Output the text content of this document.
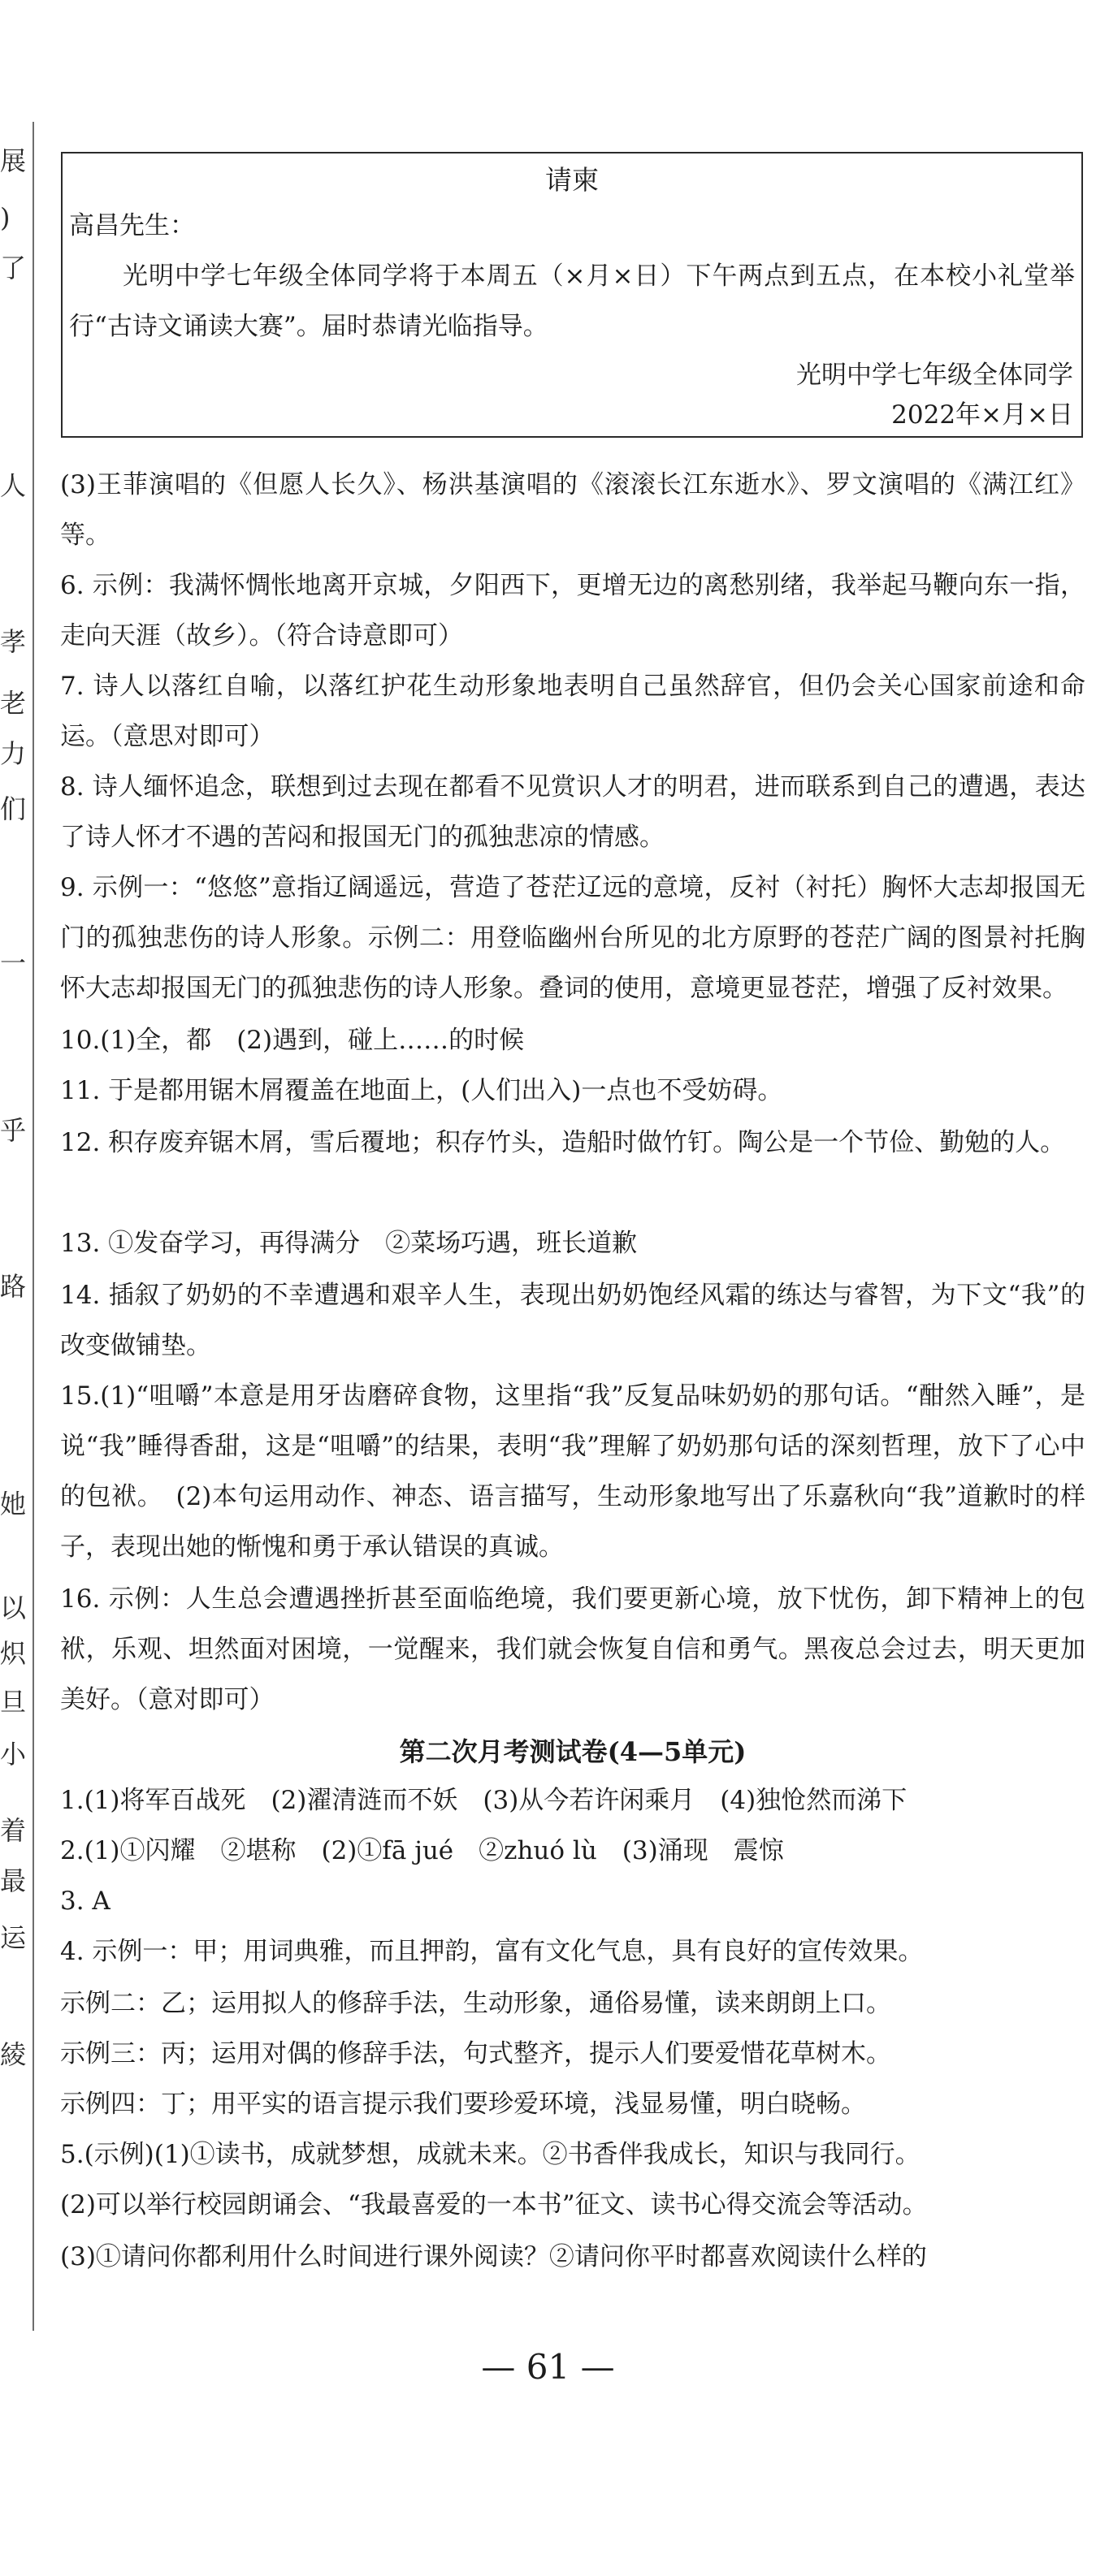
展
)
了
人
孝
老
力
们
一
乎
路
她
以
炽
旦
小
着
最
运
綾
请柬
高昌先生：
光明中学七年级全体同学将于本周五（×月×日）下午两点到五点，在本校小礼堂举行“古诗文诵读大赛”。届时恭请光临指导。
光明中学七年级全体同学
2022年×月×日
(3)王菲演唱的《但愿人长久》、杨洪基演唱的《滚滚长江东逝水》、罗文演唱的《满江红》等。
6. 示例：我满怀惆怅地离开京城，夕阳西下，更增无边的离愁别绪，我举起马鞭向东一指，走向天涯（故乡）。（符合诗意即可）
7. 诗人以落红自喻，以落红护花生动形象地表明自己虽然辞官，但仍会关心国家前途和命运。（意思对即可）
8. 诗人缅怀追念，联想到过去现在都看不见赏识人才的明君，进而联系到自己的遭遇，表达了诗人怀才不遇的苦闷和报国无门的孤独悲凉的情感。
9. 示例一：“悠悠”意指辽阔遥远，营造了苍茫辽远的意境，反衬（衬托）胸怀大志却报国无门的孤独悲伤的诗人形象。示例二：用登临幽州台所见的北方原野的苍茫广阔的图景衬托胸怀大志却报国无门的孤独悲伤的诗人形象。叠词的使用，意境更显苍茫，增强了反衬效果。
10.(1)全，都　(2)遇到，碰上……的时候
11. 于是都用锯木屑覆盖在地面上，(人们出入)一点也不受妨碍。
12. 积存废弃锯木屑，雪后覆地；积存竹头，造船时做竹钉。陶公是一个节俭、勤勉的人。
13. ①发奋学习，再得满分　②菜场巧遇，班长道歉
14. 插叙了奶奶的不幸遭遇和艰辛人生，表现出奶奶饱经风霜的练达与睿智，为下文“我”的改变做铺垫。
15.(1)“咀嚼”本意是用牙齿磨碎食物，这里指“我”反复品味奶奶的那句话。“酣然入睡”，是说“我”睡得香甜，这是“咀嚼”的结果，表明“我”理解了奶奶那句话的深刻哲理，放下了心中的包袱。　(2)本句运用动作、神态、语言描写，生动形象地写出了乐嘉秋向“我”道歉时的样子，表现出她的惭愧和勇于承认错误的真诚。
16. 示例：人生总会遭遇挫折甚至面临绝境，我们要更新心境，放下忧伤，卸下精神上的包袱，乐观、坦然面对困境，一觉醒来，我们就会恢复自信和勇气。黑夜总会过去，明天更加美好。（意对即可）
第二次月考测试卷(4—5单元)
1.(1)将军百战死　(2)濯清涟而不妖　(3)从今若许闲乘月　(4)独怆然而涕下
2.(1)①闪耀　②堪称　(2)①fā jué　②zhuó lù　(3)涌现　震惊
3. A
4. 示例一：甲；用词典雅，而且押韵，富有文化气息，具有良好的宣传效果。
示例二：乙；运用拟人的修辞手法，生动形象，通俗易懂，读来朗朗上口。
示例三：丙；运用对偶的修辞手法，句式整齐，提示人们要爱惜花草树木。
示例四：丁；用平实的语言提示我们要珍爱环境，浅显易懂，明白晓畅。
5.(示例)(1)①读书，成就梦想，成就未来。②书香伴我成长，知识与我同行。
(2)可以举行校园朗诵会、“我最喜爱的一本书”征文、读书心得交流会等活动。
(3)①请问你都利用什么时间进行课外阅读？②请问你平时都喜欢阅读什么样的
— 61 —
